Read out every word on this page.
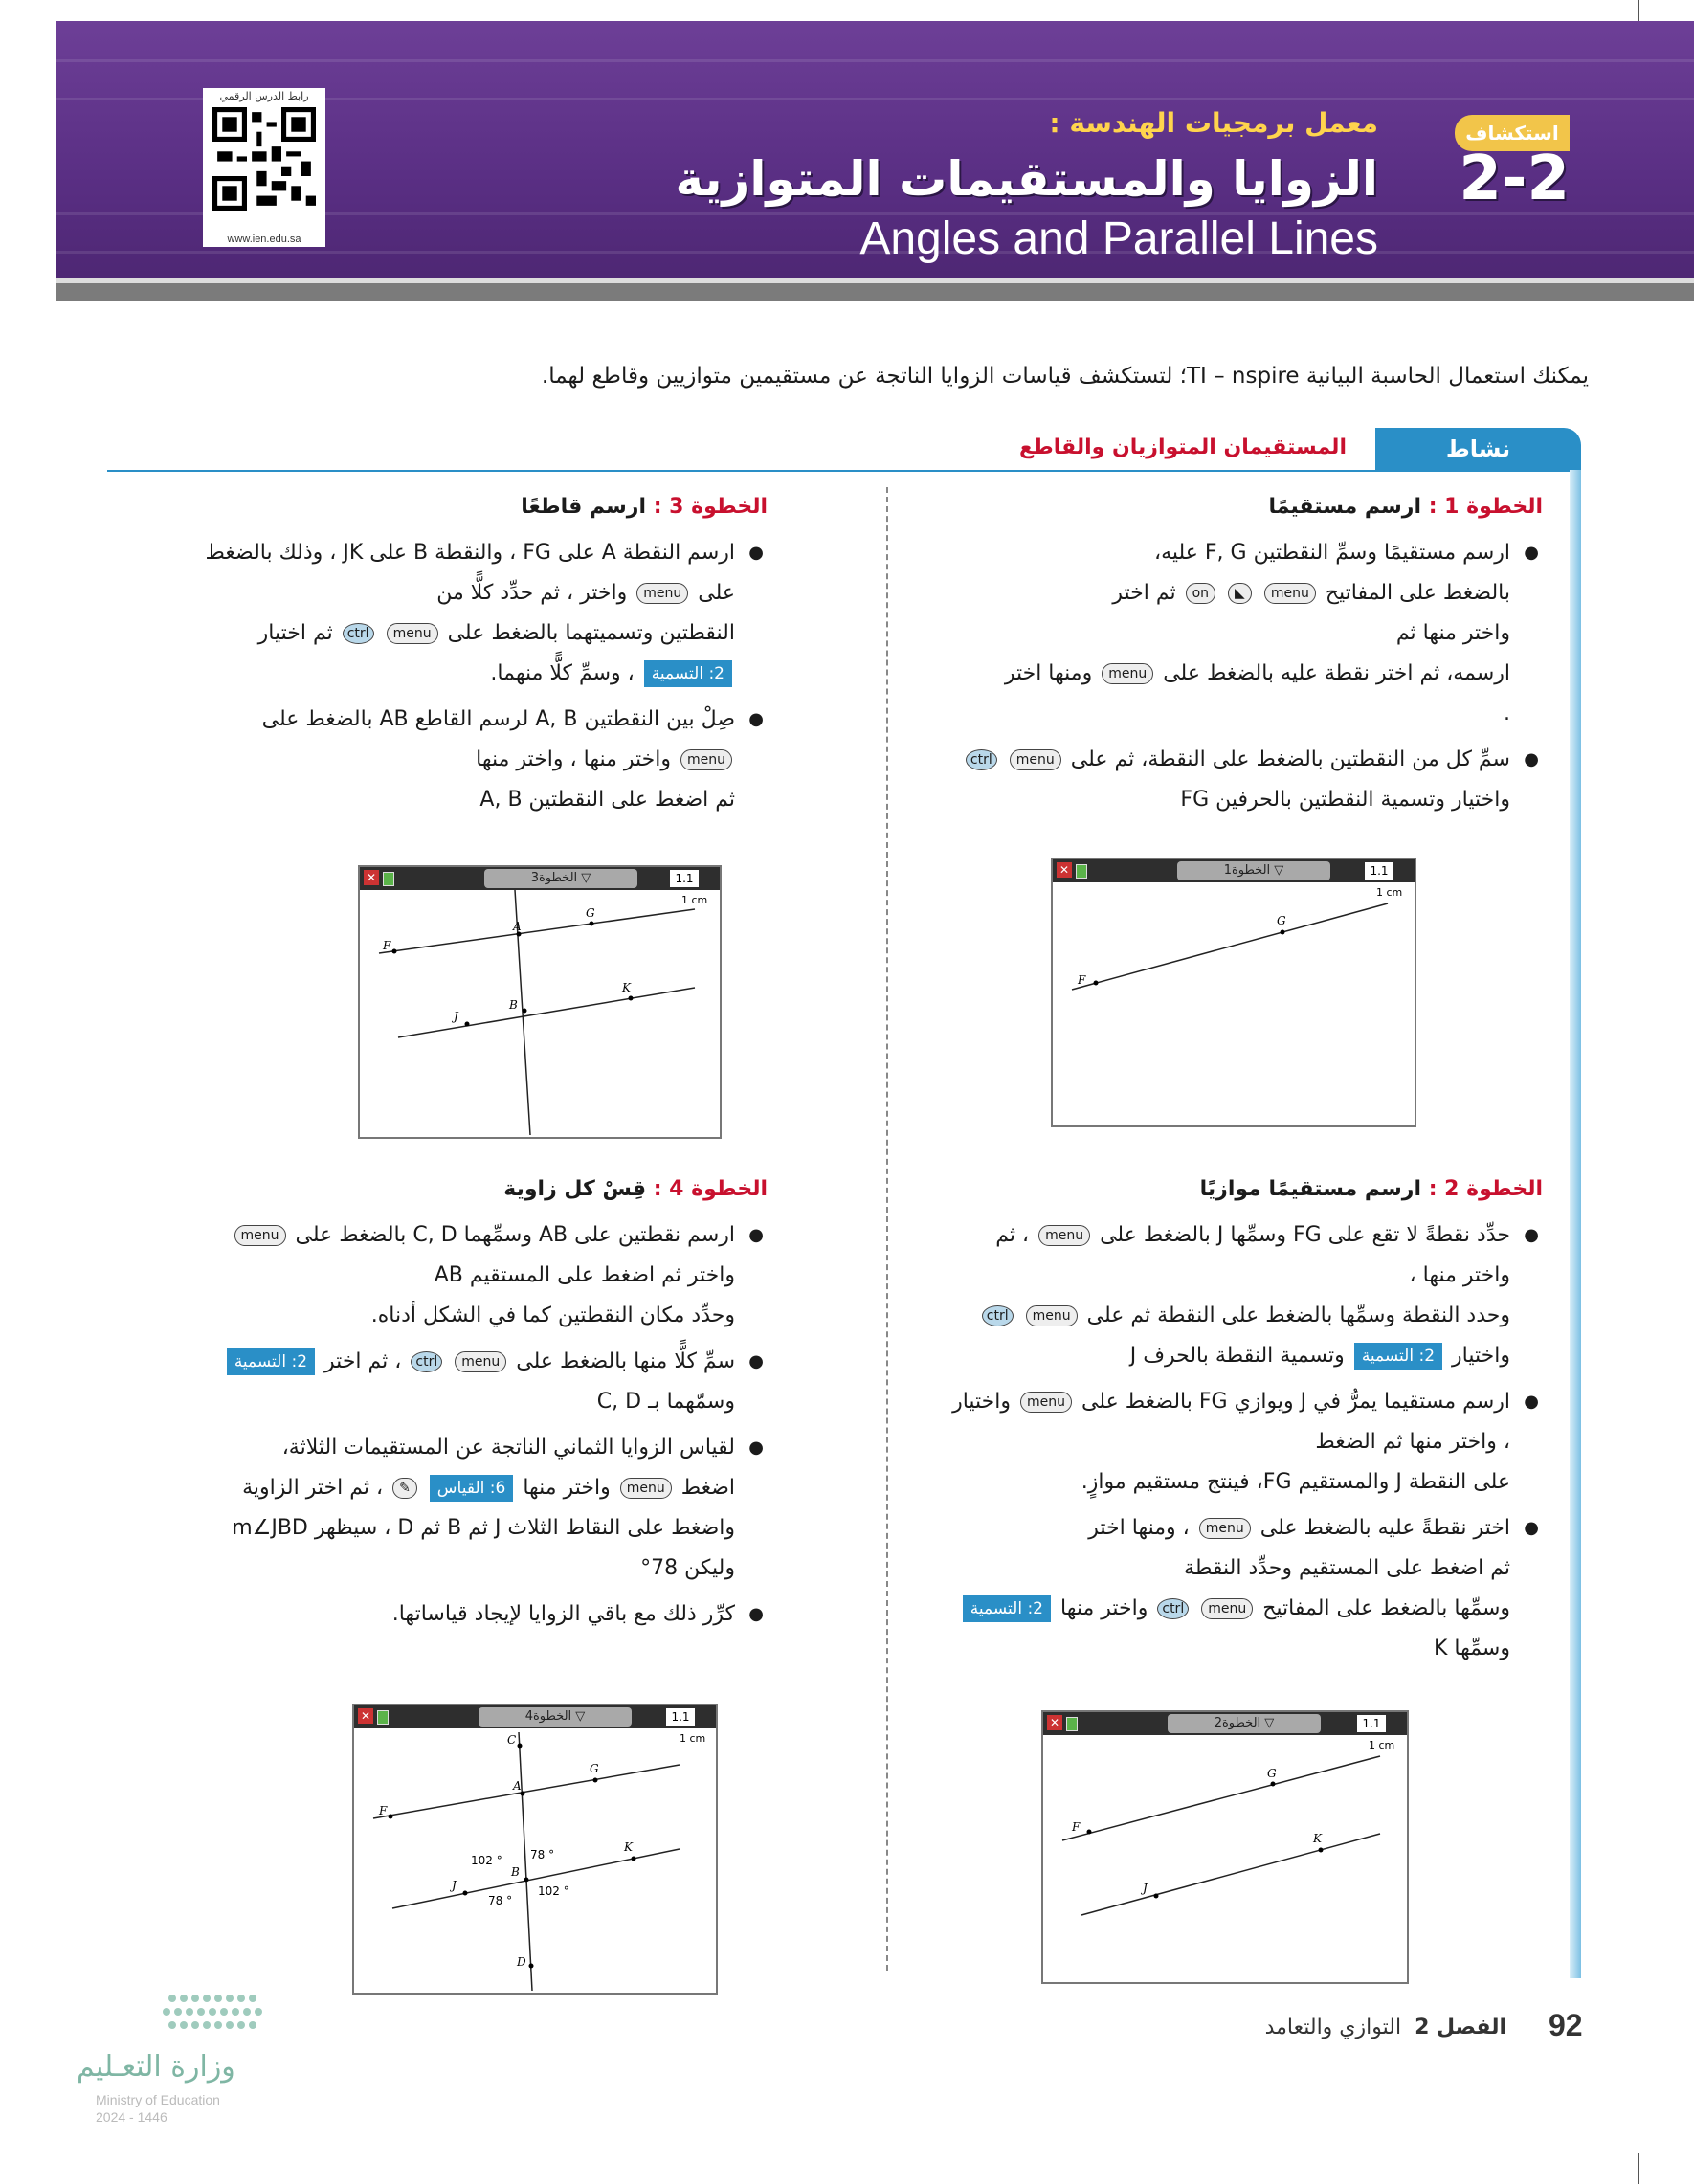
استكشاف
2-2
معمل برمجيات الهندسة :
الزوايا والمستقيمات المتوازية
Angles and Parallel Lines
رابط الدرس الرقمي
www.ien.edu.sa
يمكنك استعمال الحاسبة البيانية TI – nspire؛ لتستكشف قياسات الزوايا الناتجة عن مستقيمين متوازيين وقاطع لهما.
نشاط
المستقيمان المتوازيان والقاطع
الخطوة 1 : ارسم مستقيمًا
● ارسم مستقيمًا وسمِّ النقطتين F, G عليه،
بالضغط على المفاتيح menu ◣ on ثم اختر
واختر منها ثم
ارسمه، ثم اختر نقطة عليه بالضغط على menu ومنها اختر
.
● سمِّ كل من النقطتين بالضغط على النقطة، ثم على menu ctrl
واختيار وتسمية النقطتين بالحرفين FG
الخطوة 3 : ارسم قاطعًا
● ارسم النقطة A على FG ، والنقطة B على JK ، وذلك بالضغط
على menu واختر ، ثم حدِّد كلًّا من
النقطتين وتسميتهما بالضغط على menu ctrl ثم اختيار
2: التسمية ، وسمِّ كلًّا منهما.
● صِلْ بين النقطتين A, B لرسم القاطع AB بالضغط على
menu واختر منها ، واختر منها
ثم اضغط على النقطتين A, B
الخطوة 2 : ارسم مستقيمًا موازيًا
● حدِّد نقطةً لا تقع على FG وسمِّها J بالضغط على menu ، ثم
واختر منها ،
وحدد النقطة وسمِّها بالضغط على النقطة ثم على menu ctrl
واختيار 2: التسمية وتسمية النقطة بالحرف J
● ارسم مستقيما يمرُّ في J ويوازي FG بالضغط على menu واختيار
، واختر منها ثم الضغط
على النقطة J والمستقيم FG، فينتج مستقيم موازٍ.
● اختر نقطةً عليه بالضغط على menu ، ومنها اختر
ثم اضغط على المستقيم وحدِّد النقطة
وسمِّها بالضغط على المفاتيح menu ctrl واختر منها 2: التسمية
وسمِّها K
الخطوة 4 : قِسْ كل زاوية
● ارسم نقطتين على AB وسمِّهما C, D بالضغط على menu
واختر ثم اضغط على المستقيم AB
وحدِّد مكان النقطتين كما في الشكل أدناه.
● سمِّ كلًّا منها بالضغط على menu ctrl ، ثم اختر 2: التسمية
وسمّهما بـ C, D
● لقياس الزوايا الثماني الناتجة عن المستقيمات الثلاثة،
اضغط menu واختر منها 6: القياس ✎ ، ثم اختر الزاوية
واضغط على النقاط الثلاث J ثم B ثم D ، سيظهر m∠JBD
وليكن 78°
● كرِّر ذلك مع باقي الزوايا لإيجاد قياساتها.
✕	الخطوة1 ▽	1.1
1 cm
F
G
✕	الخطوة2 ▽	1.1
1 cm
F
G
J
K
✕	الخطوة3 ▽	1.1
1 cm
F
G
A
J
K
B
✕	الخطوة4 ▽	1.1
1 cm
C
F
G
A
K
J
B
D
102 ° 78 °
78 °
102 °
92
الفصل 2  التوازي والتعامد
وزارة التعـليم
Ministry of Education
2024 - 1446
